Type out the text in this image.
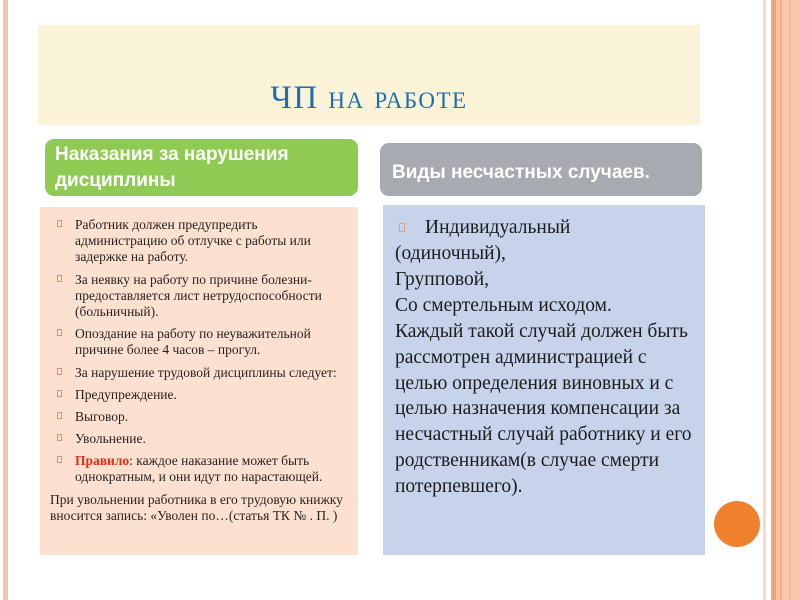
ЧП на работе
Наказания за нарушения дисциплины	Виды несчастных случаев.
Работник должен предупредить администрацию об отлучке с работы или задержке на работу.
За неявку на работу по причине болезни-предоставляется лист нетрудоспособности (больничный).
Опоздание на работу по неуважительной причине более 4 часов – прогул.
За нарушение трудовой дисциплины следует:
Предупреждение.
Выговор.
Увольнение.
Правило: каждое наказание может быть однократным, и они идут по нарастающей.
При увольнении работника в его трудовую книжку вносится запись: «Уволен по…(статья ТК № . П. )
Индивидуальный
(одиночный),
Групповой,
Со смертельным исходом.
Каждый такой случай должен быть рассмотрен администрацией с целью определения виновных и с целью назначения компенсации за несчастный случай работнику и его родственникам(в случае смерти потерпевшего).
